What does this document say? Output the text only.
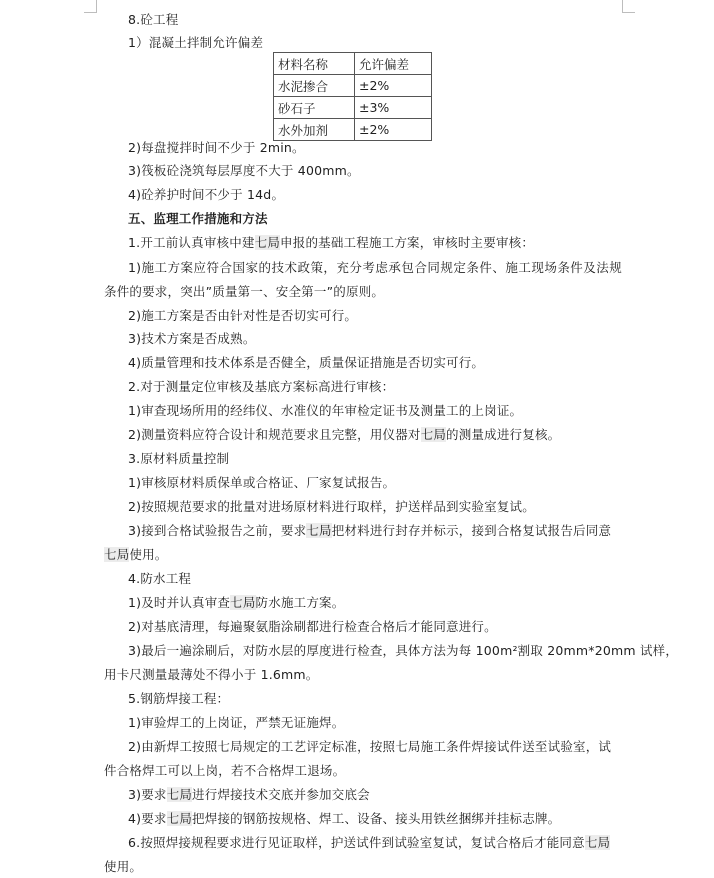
8.砼工程
1）混凝土拌制允许偏差
材料名称	允许偏差
水泥掺合	±2%
砂石子	±3%
水外加剂	±2%
2)每盘搅拌时间不少于 2min。
3)筏板砼浇筑每层厚度不大于 400mm。
4)砼养护时间不少于 14d。
五、监理工作措施和方法
1.开工前认真审核中建七局申报的基础工程施工方案，审核时主要审核：
1)施工方案应符合国家的技术政策，充分考虑承包合同规定条件、施工现场条件及法规
条件的要求，突出”质量第一、安全第一”的原则。
2)施工方案是否由针对性是否切实可行。
3)技术方案是否成熟。
4)质量管理和技术体系是否健全，质量保证措施是否切实可行。
2.对于测量定位审核及基底方案标高进行审核：
1)审查现场所用的经纬仪、水准仪的年审检定证书及测量工的上岗证。
2)测量资料应符合设计和规范要求且完整，用仪器对七局的测量成进行复核。
3.原材料质量控制
1)审核原材料质保单或合格证、厂家复试报告。
2)按照规范要求的批量对进场原材料进行取样，护送样品到实验室复试。
3)接到合格试验报告之前，要求七局把材料进行封存并标示，接到合格复试报告后同意
七局使用。
4.防水工程
1)及时并认真审查七局防水施工方案。
2)对基底清理，每遍聚氨脂涂刷都进行检查合格后才能同意进行。
3)最后一遍涂刷后，对防水层的厚度进行检查，具体方法为每 100m²割取 20mm*20mm 试样，
用卡尺测量最薄处不得小于 1.6mm。
5.钢筋焊接工程：
1)审验焊工的上岗证，严禁无证施焊。
2)由新焊工按照七局规定的工艺评定标准，按照七局施工条件焊接试件送至试验室，试
件合格焊工可以上岗，若不合格焊工退场。
3)要求七局进行焊接技术交底并参加交底会
4)要求七局把焊接的钢筋按规格、焊工、设备、接头用铁丝捆绑并挂标志牌。
6.按照焊接规程要求进行见证取样，护送试件到试验室复试，复试合格后才能同意七局
使用。
